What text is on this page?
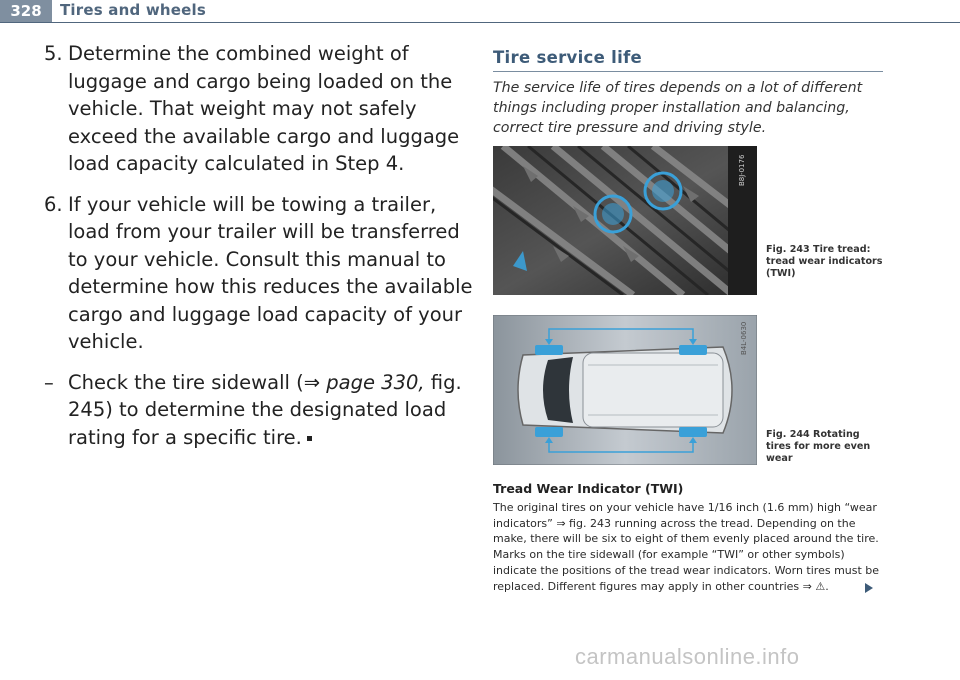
328	Tires and wheels
5. Determine the combined weight of luggage and cargo being loaded on the vehicle. That weight may not safely exceed the available cargo and luggage load capacity calculated in Step 4.
6. If your vehicle will be towing a trailer, load from your trailer will be transferred to your vehicle. Consult this manual to determine how this reduces the available cargo and luggage load capacity of your vehicle.
– Check the tire sidewall (⇒ page 330, fig. 245) to determine the designated load rating for a specific tire.
Tire service life
The service life of tires depends on a lot of different things including proper installation and balancing, correct tire pressure and driving style.
B8J-0176
Fig. 243 Tire tread: tread wear indicators (TWI)
B4L-0630
Fig. 244 Rotating tires for more even wear
Tread Wear Indicator (TWI)
The original tires on your vehicle have 1/16 inch (1.6 mm) high “wear indicators” ⇒ fig. 243 running across the tread. Depending on the make, there will be six to eight of them evenly placed around the tire. Marks on the tire sidewall (for example “TWI” or other symbols) indicate the positions of the tread wear indicators. Worn tires must be replaced. Different figures may apply in other countries ⇒ ⚠.
carmanualsonline.info
